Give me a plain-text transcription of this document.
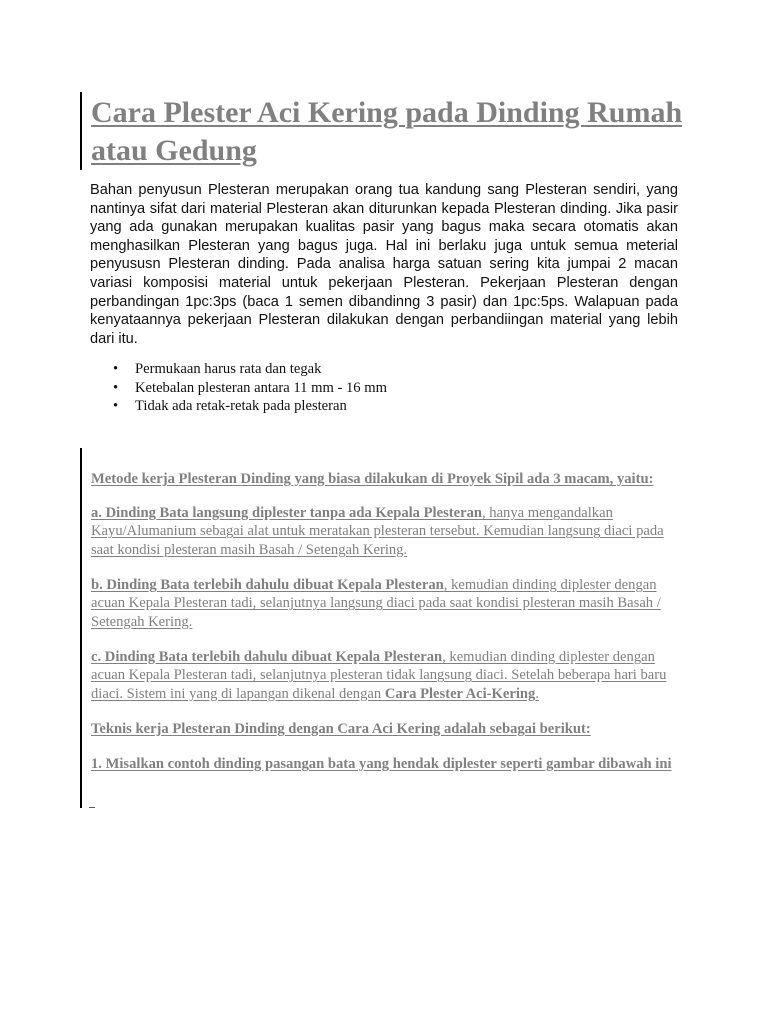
Cara Plester Aci Kering pada Dinding Rumah atau Gedung

Bahan penyusun Plesteran merupakan orang tua kandung sang Plesteran sendiri, yang nantinya sifat dari material Plesteran akan diturunkan kepada Plesteran dinding. Jika pasir yang ada gunakan merupakan kualitas pasir yang bagus maka secara otomatis akan menghasilkan Plesteran yang bagus juga. Hal ini berlaku juga untuk semua meterial penyususn Plesteran dinding. Pada analisa harga satuan sering kita jumpai 2 macan variasi komposisi material untuk pekerjaan Plesteran. Pekerjaan Plesteran dengan perbandingan 1pc:3ps (baca 1 semen dibandinng 3 pasir) dan 1pc:5ps. Walapuan pada kenyataannya pekerjaan Plesteran dilakukan dengan perbandiingan material yang lebih dari itu.

• Permukaan harus rata dan tegak
• Ketebalan plesteran antara 11 mm - 16 mm
• Tidak ada retak-retak pada plesteran

Metode kerja Plesteran Dinding yang biasa dilakukan di Proyek Sipil ada 3 macam, yaitu:

a. Dinding Bata langsung diplester tanpa ada Kepala Plesteran, hanya mengandalkan Kayu/Alumanium sebagai alat untuk meratakan plesteran tersebut. Kemudian langsung diaci pada saat kondisi plesteran masih Basah / Setengah Kering.

b. Dinding Bata terlebih dahulu dibuat Kepala Plesteran, kemudian dinding diplester dengan acuan Kepala Plesteran tadi, selanjutnya langsung diaci pada saat kondisi plesteran masih Basah / Setengah Kering.

c. Dinding Bata terlebih dahulu dibuat Kepala Plesteran, kemudian dinding diplester dengan acuan Kepala Plesteran tadi, selanjutnya plesteran tidak langsung diaci. Setelah beberapa hari baru diaci. Sistem ini yang di lapangan dikenal dengan Cara Plester Aci-Kering.

Teknis kerja Plesteran Dinding dengan Cara Aci Kering adalah sebagai berikut:

1. Misalkan contoh dinding pasangan bata yang hendak diplester seperti gambar dibawah ini
